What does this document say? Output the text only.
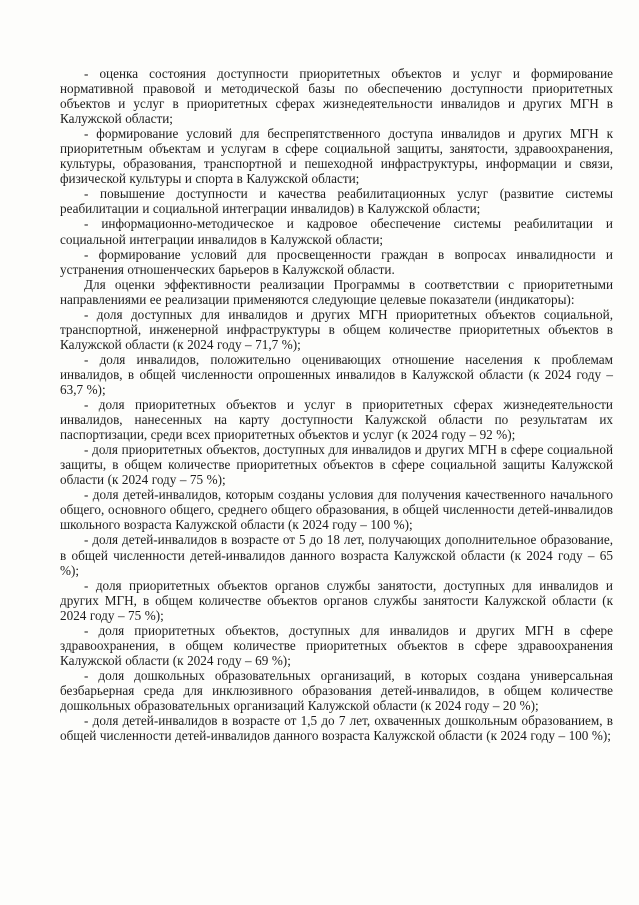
- оценка состояния доступности приоритетных объектов и услуг и формирование нормативной правовой и методической базы по обеспечению доступности приоритетных объектов и услуг в приоритетных сферах жизнедеятельности инвалидов и других МГН в Калужской области;

- формирование условий для беспрепятственного доступа инвалидов и других МГН к приоритетным объектам и услугам в сфере социальной защиты, занятости, здравоохранения, культуры, образования, транспортной и пешеходной инфраструктуры, информации и связи, физической культуры и спорта в Калужской области;

- повышение доступности и качества реабилитационных услуг (развитие системы реабилитации и социальной интеграции инвалидов) в Калужской области;

- информационно-методическое и кадровое обеспечение системы реабилитации и социальной интеграции инвалидов в Калужской области;

- формирование условий для просвещенности граждан в вопросах инвалидности и устранения отношенческих барьеров в Калужской области.

Для оценки эффективности реализации Программы в соответствии с приоритетными направлениями ее реализации применяются следующие целевые показатели (индикаторы):

- доля доступных для инвалидов и других МГН приоритетных объектов социальной, транспортной, инженерной инфраструктуры в общем количестве приоритетных объектов в Калужской области (к 2024 году – 71,7 %);

- доля инвалидов, положительно оценивающих отношение населения к проблемам инвалидов, в общей численности опрошенных инвалидов в Калужской области (к 2024 году – 63,7 %);

- доля приоритетных объектов и услуг в приоритетных сферах жизнедеятельности инвалидов, нанесенных на карту доступности Калужской области по результатам их паспортизации, среди всех приоритетных объектов и услуг (к 2024 году – 92 %);

- доля приоритетных объектов, доступных для инвалидов и других МГН в сфере социальной защиты, в общем количестве приоритетных объектов в сфере социальной защиты Калужской области (к 2024 году – 75 %);

- доля детей-инвалидов, которым созданы условия для получения качественного начального общего, основного общего, среднего общего образования, в общей численности детей-инвалидов школьного возраста Калужской области (к 2024 году – 100 %);

- доля детей-инвалидов в возрасте от 5 до 18 лет, получающих дополнительное образование, в общей численности детей-инвалидов данного возраста Калужской области (к 2024 году – 65 %);

- доля приоритетных объектов органов службы занятости, доступных для инвалидов и других МГН, в общем количестве объектов органов службы занятости Калужской области (к 2024 году – 75 %);

- доля приоритетных объектов, доступных для инвалидов и других МГН в сфере здравоохранения, в общем количестве приоритетных объектов в сфере здравоохранения Калужской области (к 2024 году – 69 %);

- доля дошкольных образовательных организаций, в которых создана универсальная безбарьерная среда для инклюзивного образования детей-инвалидов, в общем количестве дошкольных образовательных организаций Калужской области (к 2024 году – 20 %);

- доля детей-инвалидов в возрасте от 1,5 до 7 лет, охваченных дошкольным образованием, в общей численности детей-инвалидов данного возраста Калужской области (к 2024 году – 100 %);
